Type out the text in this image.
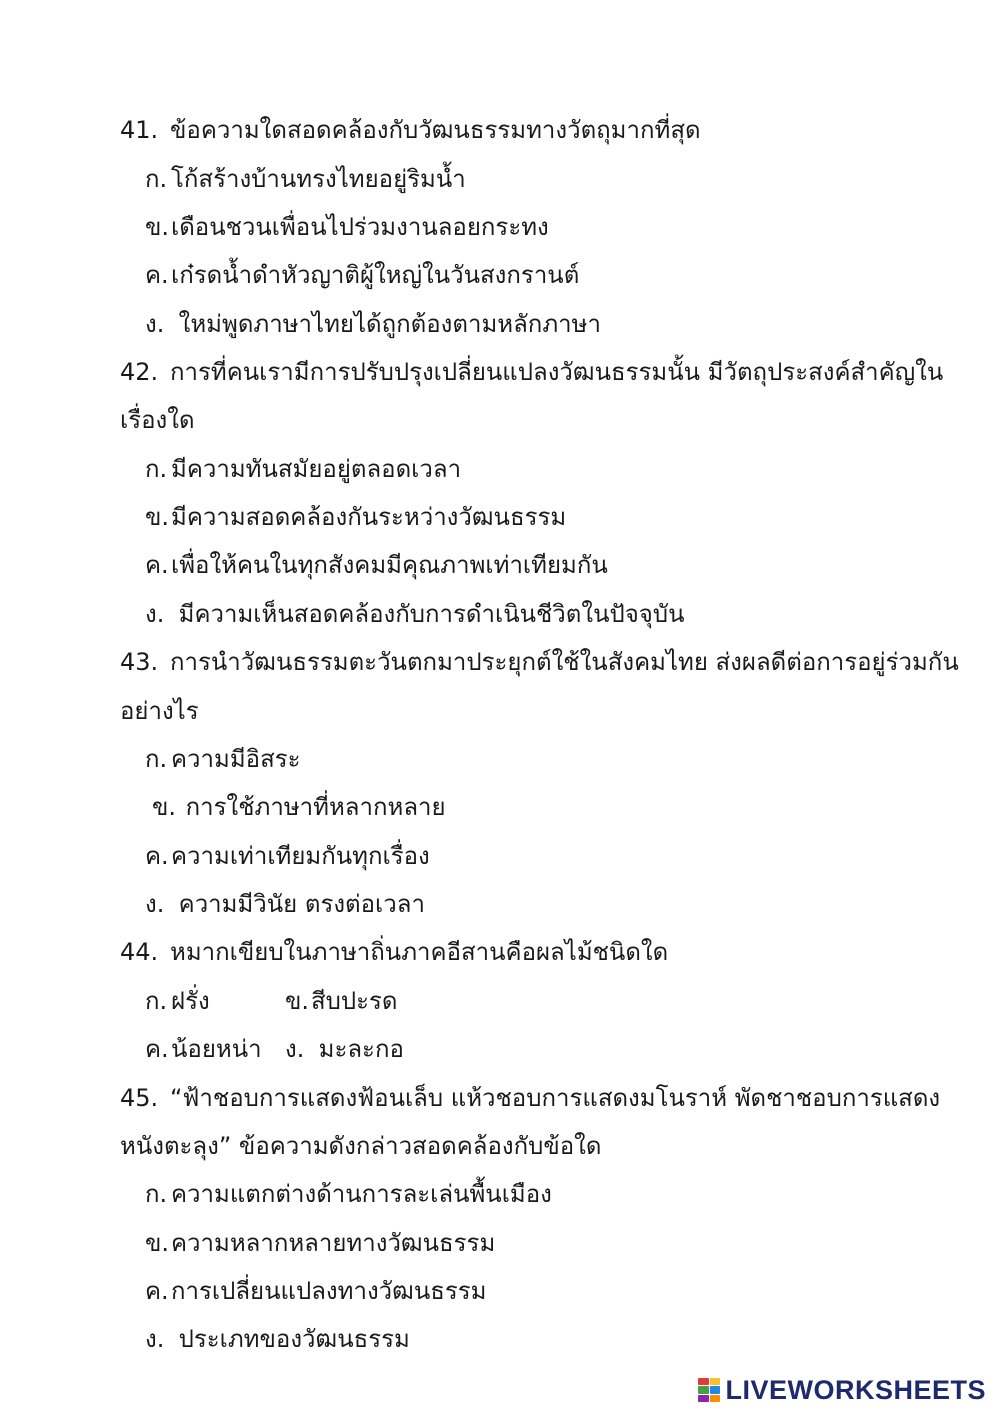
41. ข้อความใดสอดคล้องกับวัฒนธรรมทางวัตถุมากที่สุด
ก. โก้สร้างบ้านทรงไทยอยู่ริมน้ำ
ข.เดือนชวนเพื่อนไปร่วมงานลอยกระทง
ค.เก๋รดน้ำดำหัวญาติผู้ใหญ่ในวันสงกรานต์
ง. ใหม่พูดภาษาไทยได้ถูกต้องตามหลักภาษา
42. การที่คนเรามีการปรับปรุงเปลี่ยนแปลงวัฒนธรรมนั้น มีวัตถุประสงค์สำคัญใน
เรื่องใด
ก. มีความทันสมัยอยู่ตลอดเวลา
ข.มีความสอดคล้องกันระหว่างวัฒนธรรม
ค.เพื่อให้คนในทุกสังคมมีคุณภาพเท่าเทียมกัน
ง. มีความเห็นสอดคล้องกับการดำเนินชีวิตในปัจจุบัน
43. การนำวัฒนธรรมตะวันตกมาประยุกต์ใช้ในสังคมไทย ส่งผลดีต่อการอยู่ร่วมกัน
อย่างไร
ก. ความมีอิสระ
ข. การใช้ภาษาที่หลากหลาย
ค.ความเท่าเทียมกันทุกเรื่อง
ง. ความมีวินัย ตรงต่อเวลา
44. หมากเขียบในภาษาถิ่นภาคอีสานคือผลไม้ชนิดใด
ก. ฝรั่ง	ข.สีบปะรด
ค.น้อยหน่า ง. มะละกอ
45. “ฟ้าชอบการแสดงฟ้อนเล็บ แห้วชอบการแสดงมโนราห์ พัดชาชอบการแสดง
หนังตะลุง” ข้อความดังกล่าวสอดคล้องกับข้อใด
ก. ความแตกต่างด้านการละเล่นพื้นเมือง
ข.ความหลากหลายทางวัฒนธรรม
ค.การเปลี่ยนแปลงทางวัฒนธรรม
ง. ประเภทของวัฒนธรรม
LIVEWORKSHEETS
